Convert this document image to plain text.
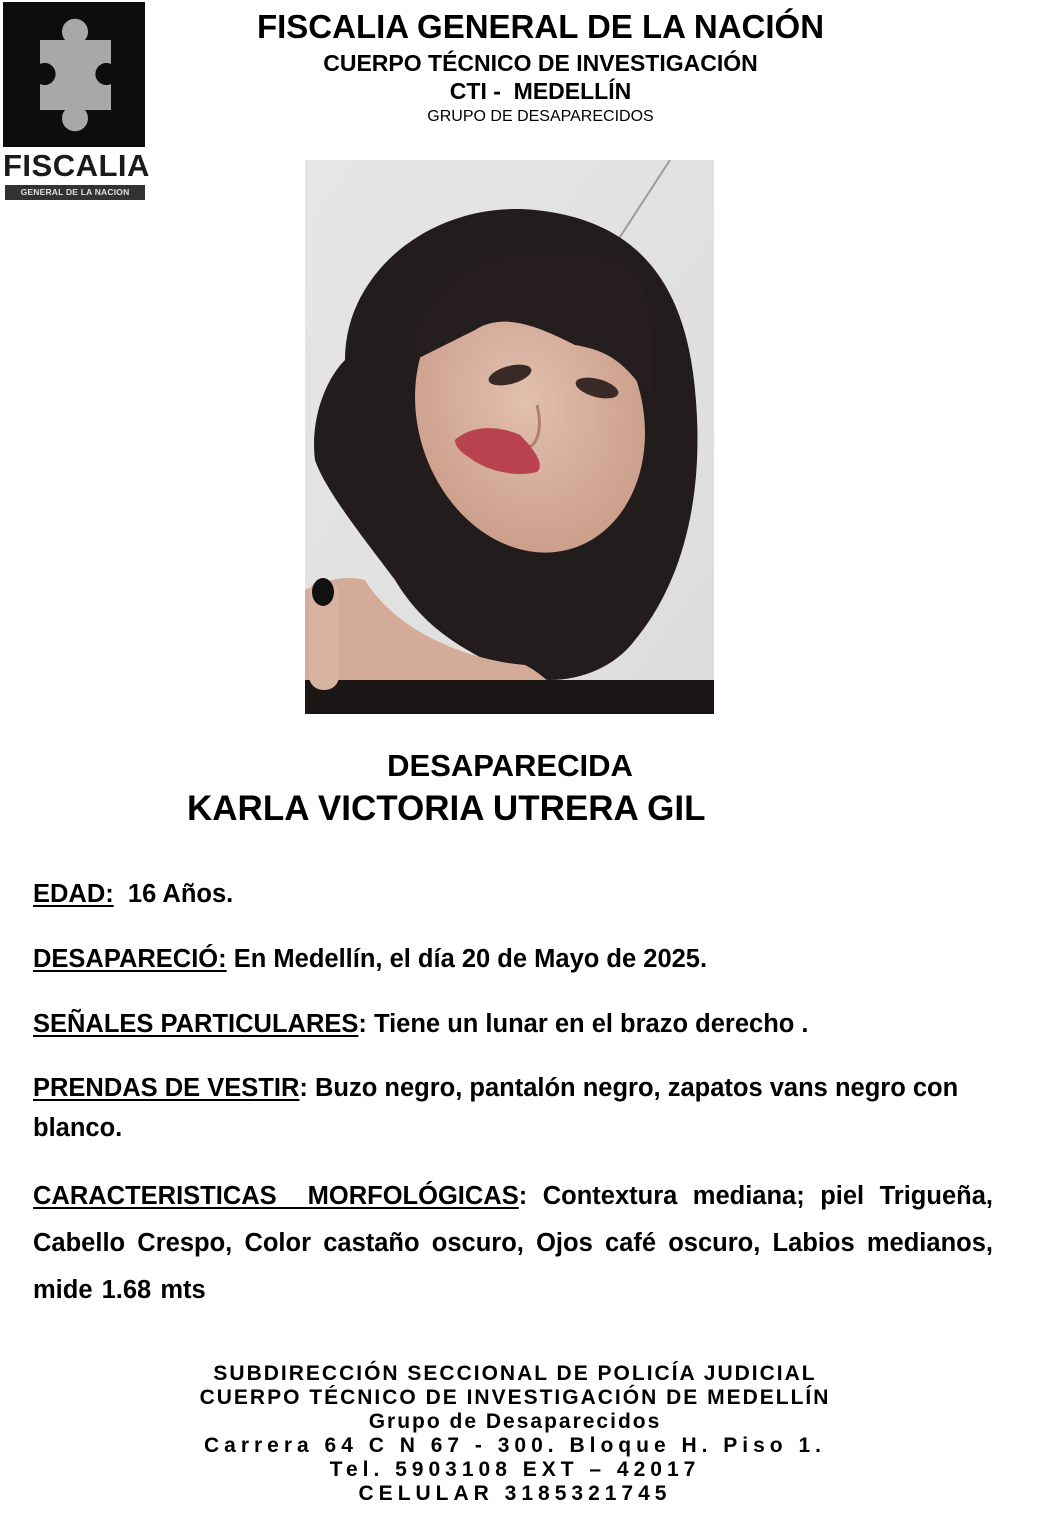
FISCALIA
GENERAL DE LA NACION
FISCALIA GENERAL DE LA NACIÓN
CUERPO TÉCNICO DE INVESTIGACIÓN
CTI -  MEDELLÍN
GRUPO DE DESAPARECIDOS
DESAPARECIDA
KARLA VICTORIA UTRERA GIL
EDAD:  16 Años.
DESAPARECIÓ: En Medellín, el día 20 de Mayo de 2025.
SEÑALES PARTICULARES: Tiene un lunar en el brazo derecho .
PRENDAS DE VESTIR: Buzo negro, pantalón negro, zapatos vans negro con blanco.
CARACTERISTICAS  MORFOLÓGICAS: Contextura mediana; piel Trigueña, Cabello Crespo, Color castaño oscuro, Ojos café oscuro, Labios medianos, mide 1.68 mts
SUBDIRECCIÓN SECCIONAL DE POLICÍA JUDICIAL
CUERPO TÉCNICO DE INVESTIGACIÓN DE MEDELLÍN
Grupo de Desaparecidos
Carrera 64 C N 67 - 300. Bloque H. Piso 1.
Tel. 5903108 EXT – 42017
CELULAR 3185321745
